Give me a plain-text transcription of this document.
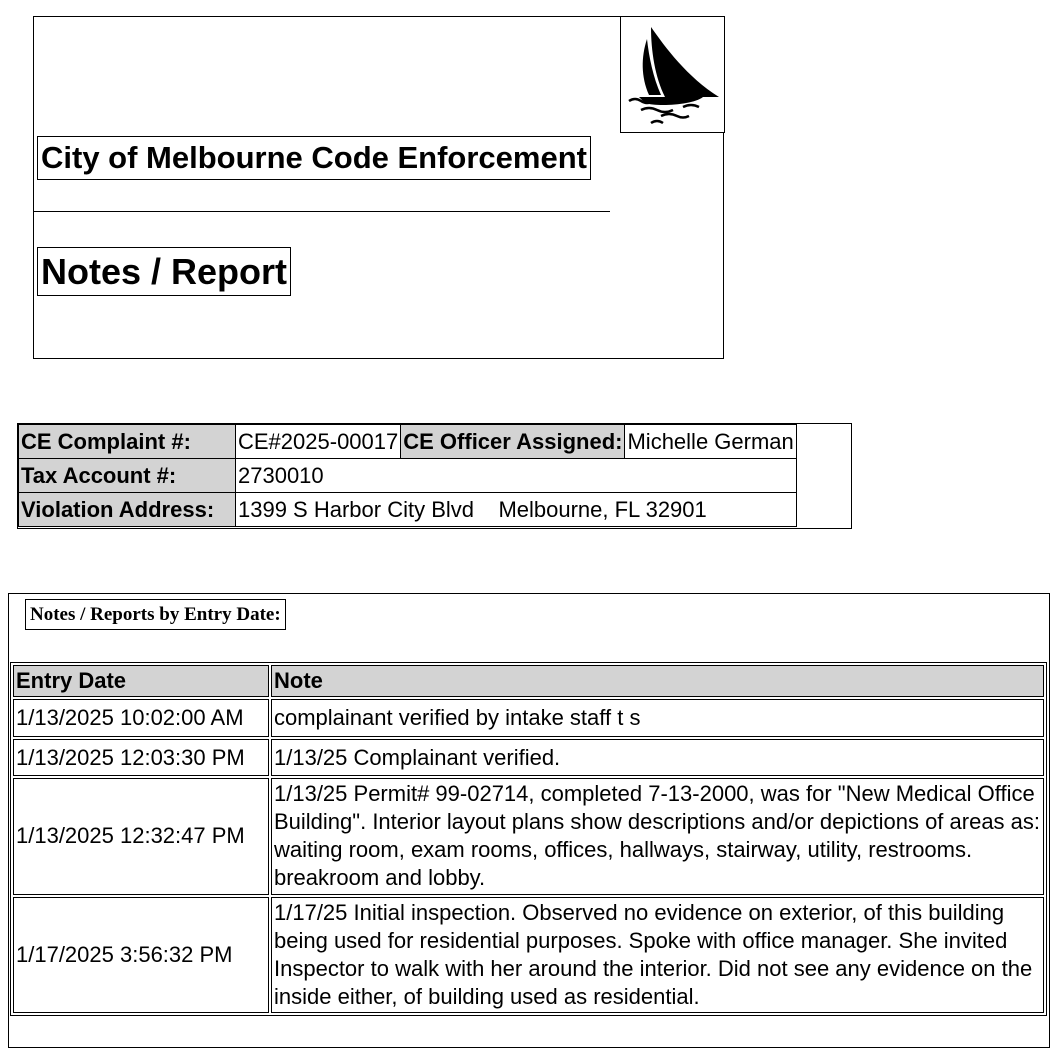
City of Melbourne Code Enforcement
Notes / Report
CE Complaint #:	CE#2025-00017	CE Officer Assigned:	Michelle German
Tax Account #:	2730010		
Violation Address:	1399 S Harbor City Blvd    Melbourne, FL 32901		
Notes / Reports by Entry Date:
Entry Date	Note
1/13/2025 10:02:00 AM	complainant verified by intake staff t s
1/13/2025 12:03:30 PM	1/13/25 Complainant verified.
1/13/2025 12:32:47 PM	1/13/25 Permit# 99-02714, completed 7-13-2000, was for "New Medical Office Building". Interior layout plans show descriptions and/or depictions of areas as: waiting room, exam rooms, offices, hallways, stairway, utility, restrooms. breakroom and lobby.
1/17/2025 3:56:32 PM	1/17/25 Initial inspection. Observed no evidence on exterior, of this building being used for residential purposes. Spoke with office manager. She invited Inspector to walk with her around the interior. Did not see any evidence on the inside either, of building used as residential.
